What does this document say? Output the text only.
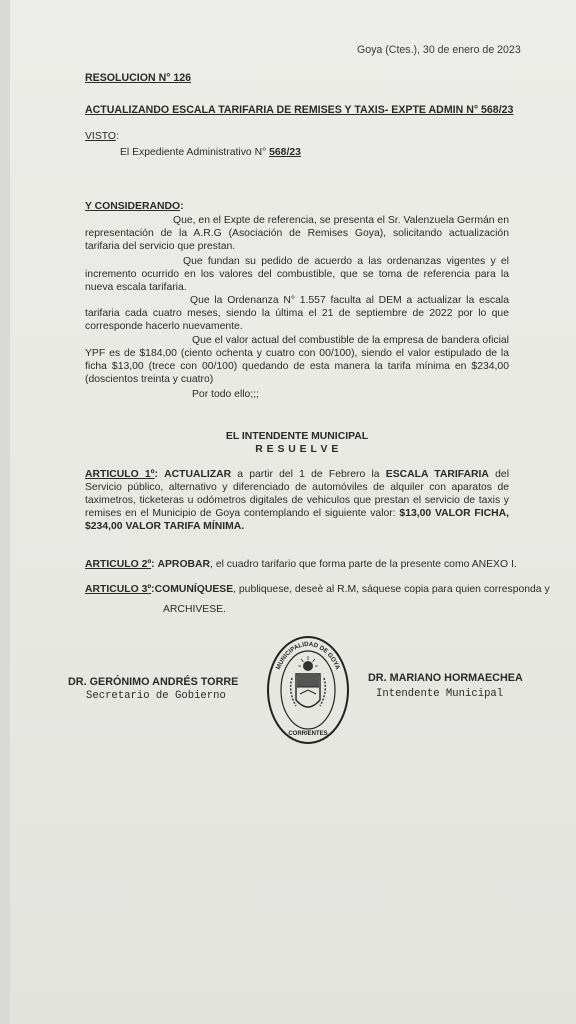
Goya (Ctes.), 30 de enero de 2023
RESOLUCION N° 126
ACTUALIZANDO ESCALA TARIFARIA DE REMISES Y TAXIS- EXPTE ADMIN N° 568/23
VISTO:
El Expediente Administrativo N° 568/23
Y CONSIDERANDO:
Que, en el Expte de referencia, se presenta el Sr. Valenzuela Germán en representación de la A.R.G (Asociación de Remises Goya), solicitando actualización tarifaria del servicio que prestan.
Que fundan su pedido de acuerdo a las ordenanzas vigentes y el incremento ocurrido en los valores del combustible, que se toma de referencia para la nueva escala tarifaria.
Que la Ordenanza N° 1.557 faculta al DEM a actualizar la escala tarifaria cada cuatro meses, siendo la última el 21 de septiembre de 2022 por lo que corresponde hacerlo nuevamente.
Que el valor actual del combustible de la empresa de bandera oficial YPF es de $184,00 (ciento ochenta y cuatro con 00/100), siendo el valor estipulado de la ficha $13,00 (trece con 00/100) quedando de esta manera la tarifa mínima en $234,00 (doscientos treinta y cuatro)
Por todo ello;;;
EL INTENDENTE MUNICIPAL
R E S U E L V E
ARTICULO 1º: ACTUALIZAR a partir del 1 de Febrero la ESCALA TARIFARIA del Servicio público, alternativo y diferenciado de automóviles de alquiler con aparatos de taximetros, ticketeras u odómetros digitales de vehiculos que prestan el servicio de taxis y remises en el Municipio de Goya contemplando el siguiente valor: $13,00 VALOR FICHA, $234,00 VALOR TARIFA MÍNIMA.
ARTICULO 2º: APROBAR, el cuadro tarifario que forma parte de la presente como ANEXO I.
ARTICULO 3º:COMUNÍQUESE, publiquese, deseè al R.M, sáquese copia para quien corresponda y
ARCHIVESE.
DR. GERÓNIMO ANDRÉS TORRE
Secretario de Gobierno
DR. MARIANO HORMAECHEA
Intendente Municipal
MUNICIPALIDAD DE GOYA
CORRIENTES
